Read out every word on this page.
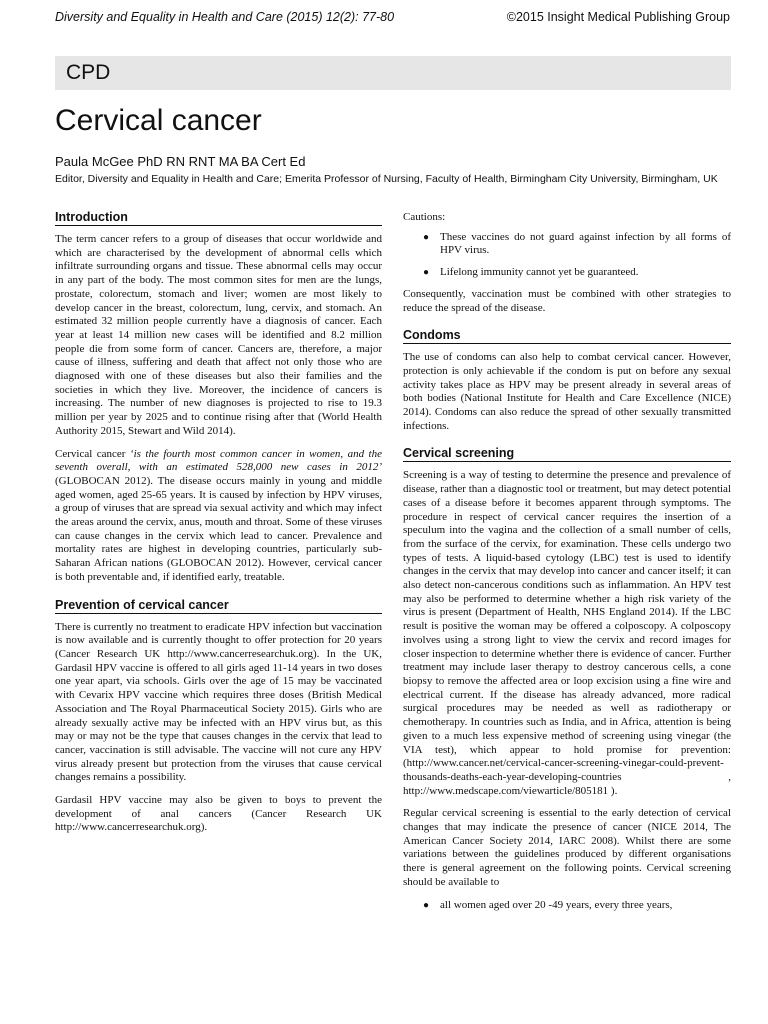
Diversity and Equality in Health and Care (2015) 12(2): 77-80	©2015 Insight Medical Publishing Group
CPD
Cervical cancer
Paula McGee PhD RN RNT MA BA Cert Ed
Editor, Diversity and Equality in Health and Care; Emerita Professor of Nursing, Faculty of Health, Birmingham City University, Birmingham, UK
Introduction

The term cancer refers to a group of diseases that occur worldwide and which are characterised by the development of abnormal cells which infiltrate surrounding organs and tissue. These abnormal cells may occur in any part of the body. The most common sites for men are the lungs, prostate, colorectum, stomach and liver; women are most likely to develop cancer in the breast, colorectum, lung, cervix, and stomach. An estimated 32 million people currently have a diagnosis of cancer. Each year at least 14 million new cases will be identified and 8.2 million people die from some form of cancer. Cancers are, therefore, a major cause of illness, suffering and death that affect not only those who are diagnosed with one of these diseases but also their families and the societies in which they live. Moreover, the incidence of cancers is increasing. The number of new diagnoses is projected to rise to 19.3 million per year by 2025 and to continue rising after that (World Health Authority 2015, Stewart and Wild 2014).

Cervical cancer ‘is the fourth most common cancer in women, and the seventh overall, with an estimated 528,000 new cases in 2012’ (GLOBOCAN 2012). The disease occurs mainly in young and middle aged women, aged 25-65 years. It is caused by infection by HPV viruses, a group of viruses that are spread via sexual activity and which may infect the areas around the cervix, anus, mouth and throat. Some of these viruses can cause changes in the cervix which lead to cancer. Prevalence and mortality rates are highest in developing countries, particularly sub-Saharan African nations (GLOBOCAN 2012). However, cervical cancer is both preventable and, if identified early, treatable.

Prevention of cervical cancer

There is currently no treatment to eradicate HPV infection but vaccination is now available and is currently thought to offer protection for 20 years (Cancer Research UK http://www.cancerresearchuk.org). In the UK, Gardasil HPV vaccine is offered to all girls aged 11-14 years in two doses one year apart, via schools. Girls over the age of 15 may be vaccinated with Cevarix HPV vaccine which requires three doses (British Medical Association and The Royal Pharmaceutical Society 2015). Girls who are already sexually active may be infected with an HPV virus but, as this may or may not be the type that causes changes in the cervix that lead to cancer, vaccination is still advisable. The vaccine will not cure any HPV virus already present but protection from the viruses that cause cervical changes remains a possibility.

Gardasil HPV vaccine may also be given to boys to prevent the development of anal cancers (Cancer Research UK http://www.cancerresearchuk.org).

Cautions:

● These vaccines do not guard against infection by all forms of HPV virus.
● Lifelong immunity cannot yet be guaranteed.

Consequently, vaccination must be combined with other strategies to reduce the spread of the disease.

Condoms

The use of condoms can also help to combat cervical cancer. However, protection is only achievable if the condom is put on before any sexual activity takes place as HPV may be present already in several areas of both bodies (National Institute for Health and Care Excellence (NICE) 2014). Condoms can also reduce the spread of other sexually transmitted infections.

Cervical screening

Screening is a way of testing to determine the presence and prevalence of disease, rather than a diagnostic tool or treatment, but may detect potential cases of a disease before it becomes apparent through symptoms. The procedure in respect of cervical cancer requires the insertion of a speculum into the vagina and the collection of a small number of cells, from the surface of the cervix, for examination. These cells undergo two types of tests. A liquid-based cytology (LBC) test is used to identify changes in the cervix that may develop into cancer and cancer itself; it can also detect non-cancerous conditions such as inflammation. An HPV test may also be performed to determine whether a high risk variety of the virus is present (Department of Health, NHS England 2014). If the LBC result is positive the woman may be offered a colposcopy. A colposcopy involves using a strong light to view the cervix and record images for closer inspection to determine whether there is evidence of cancer. Further treatment may include laser therapy to destroy cancerous cells, a cone biopsy to remove the affected area or loop excision using a fine wire and electrical current. If the disease has already advanced, more radical surgical procedures may be needed as well as radiotherapy or chemotherapy. In countries such as India, and in Africa, attention is being given to a much less expensive method of screening using vinegar (the VIA test), which appear to hold promise for prevention: (http://www.cancer.net/cervical-cancer-screening-vinegar-could-prevent-thousands-deaths-each-year-developing-countries , http://www.medscape.com/viewarticle/805181 ).

Regular cervical screening is essential to the early detection of cervical changes that may indicate the presence of cancer (NICE 2014, The American Cancer Society 2014, IARC 2008). Whilst there are some variations between the guidelines produced by different organisations there is general agreement on the following points. Cervical screening should be available to

● all women aged over 20 -49 years, every three years,
